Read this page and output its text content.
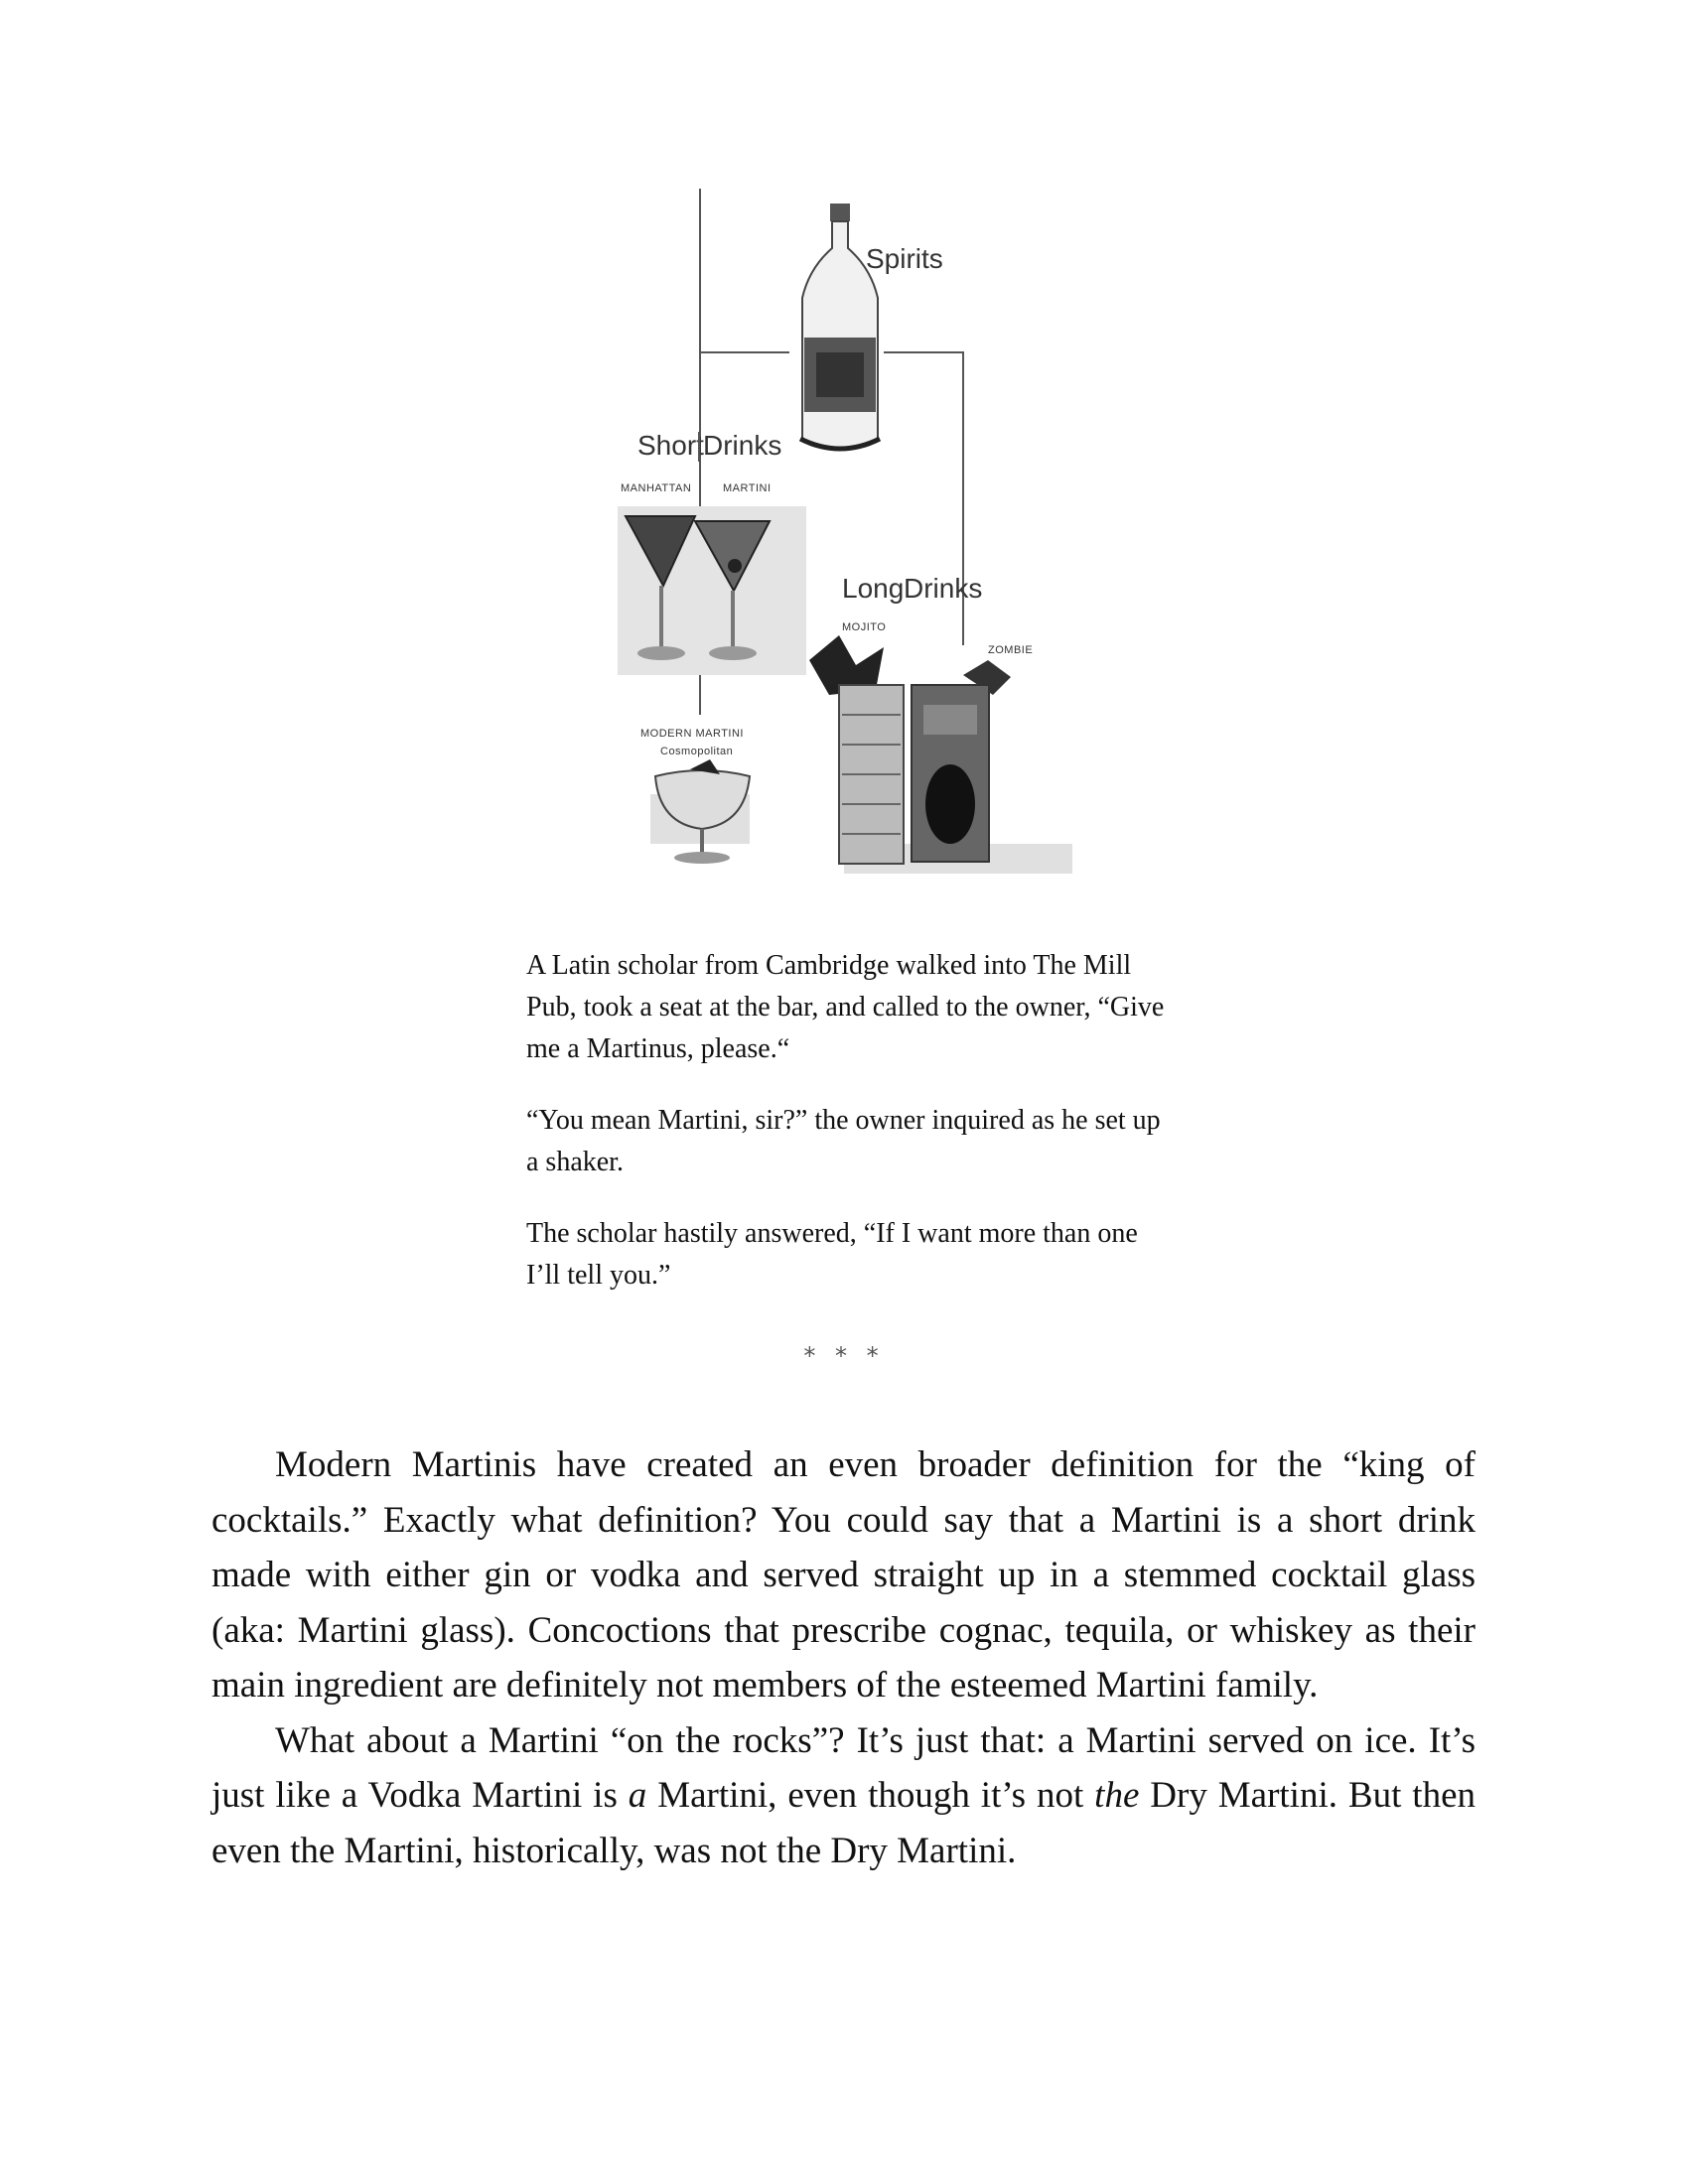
Spirits
Short Drinks
MANHATTAN	MARTINI
MODERN MARTINI
Cosmopolitan
Long Drinks
MOJITO
ZOMBIE

A Latin scholar from Cambridge walked into The Mill Pub, took a seat at the bar, and called to the owner, “Give me a Martinus, please.“

“You mean Martini, sir?” the owner inquired as he set up a shaker.

The scholar hastily answered, “If I want more than one I’ll tell you.”

* * *

Modern Martinis have created an even broader definition for the “king of cocktails.” Exactly what definition? You could say that a Martini is a short drink made with either gin or vodka and served straight up in a stemmed cocktail glass (aka: Martini glass). Concoctions that prescribe cognac, tequila, or whiskey as their main ingredient are definitely not members of the esteemed Martini family.

What about a Martini “on the rocks”? It’s just that: a Martini served on ice. It’s just like a Vodka Martini is a Martini, even though it’s not the Dry Martini. But then even the Martini, historically, was not the Dry Martini.
